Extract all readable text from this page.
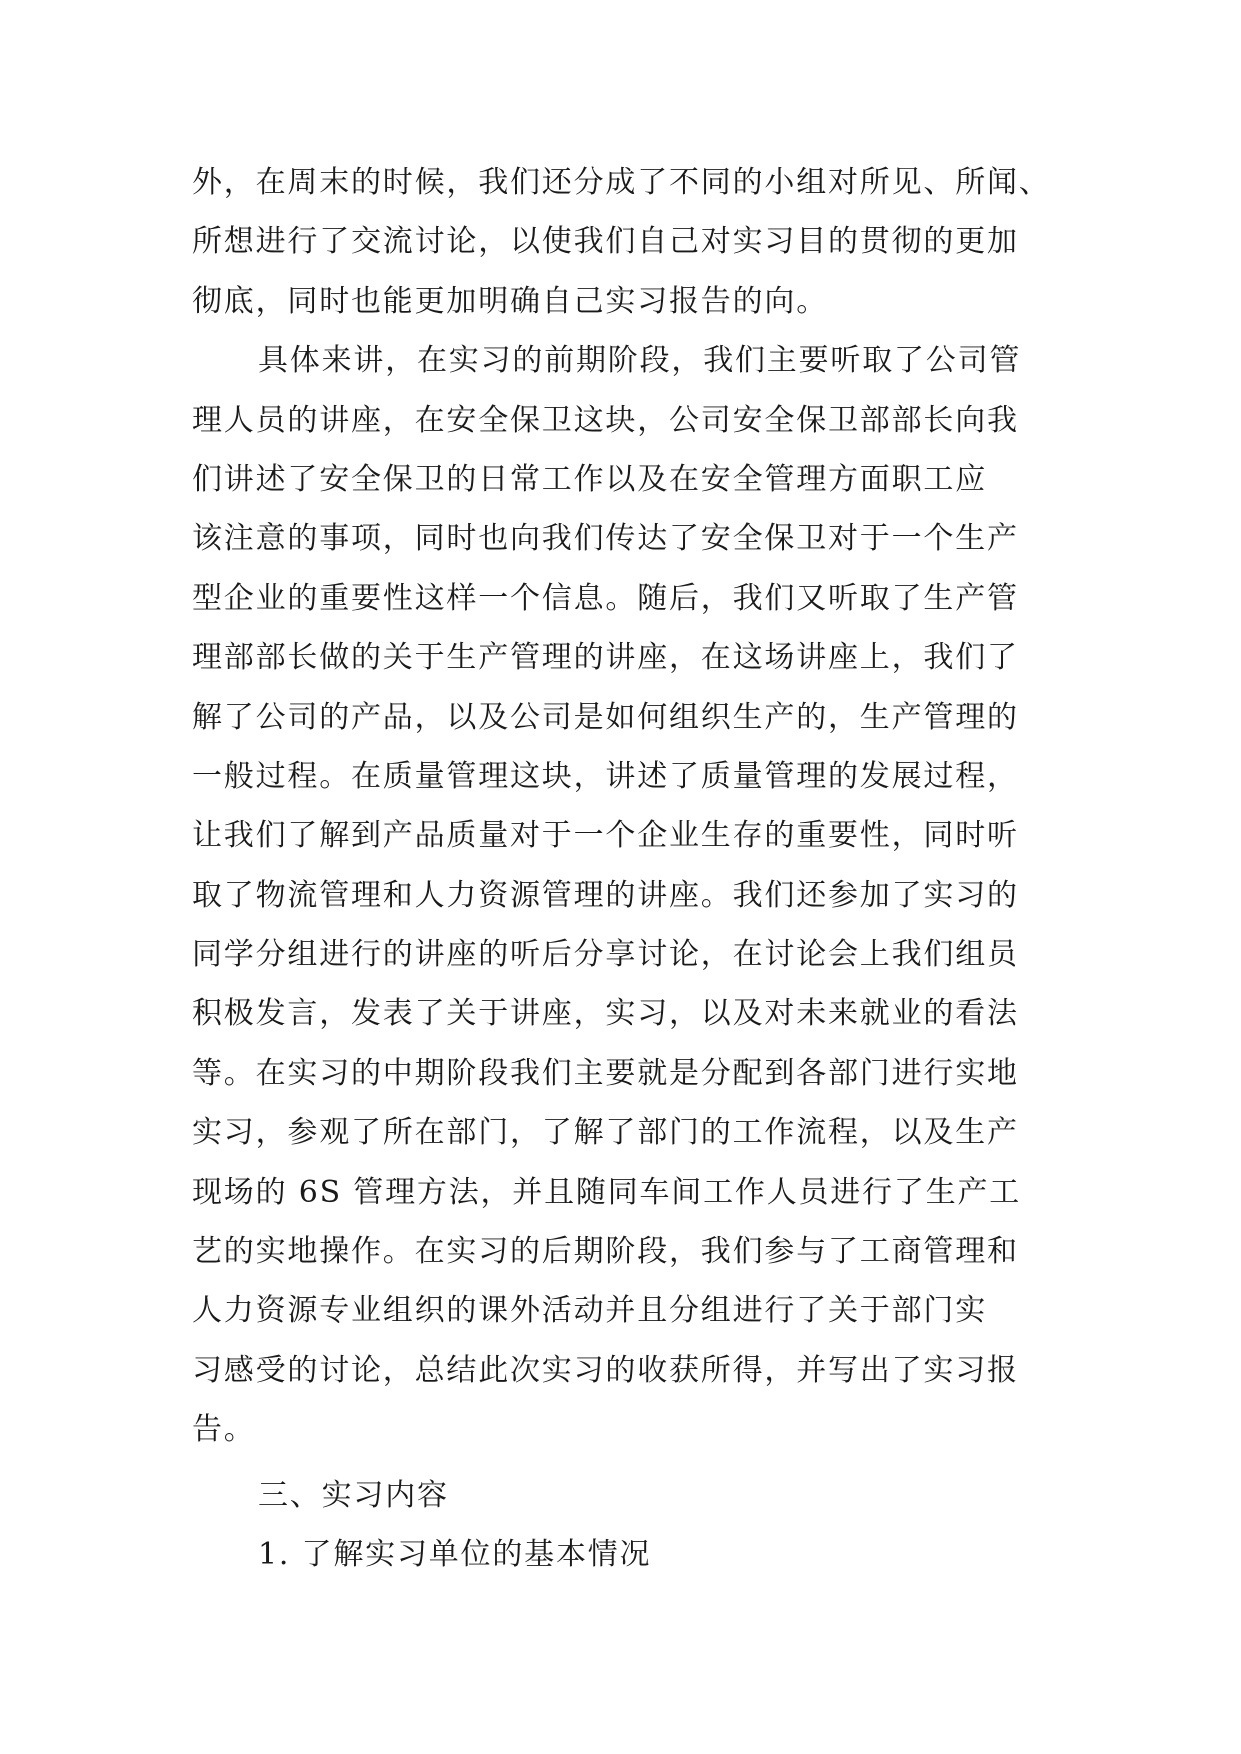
外，在周末的时候，我们还分成了不同的小组对所见、所闻、
所想进行了交流讨论，以使我们自己对实习目的贯彻的更加
彻底，同时也能更加明确自己实习报告的向。
具体来讲，在实习的前期阶段，我们主要听取了公司管
理人员的讲座，在安全保卫这块，公司安全保卫部部长向我
们讲述了安全保卫的日常工作以及在安全管理方面职工应
该注意的事项，同时也向我们传达了安全保卫对于一个生产
型企业的重要性这样一个信息。随后，我们又听取了生产管
理部部长做的关于生产管理的讲座，在这场讲座上，我们了
解了公司的产品，以及公司是如何组织生产的，生产管理的
一般过程。在质量管理这块，讲述了质量管理的发展过程，
让我们了解到产品质量对于一个企业生存的重要性，同时听
取了物流管理和人力资源管理的讲座。我们还参加了实习的
同学分组进行的讲座的听后分享讨论，在讨论会上我们组员
积极发言，发表了关于讲座，实习，以及对未来就业的看法
等。在实习的中期阶段我们主要就是分配到各部门进行实地
实习，参观了所在部门，了解了部门的工作流程，以及生产
现场的 6S 管理方法，并且随同车间工作人员进行了生产工
艺的实地操作。在实习的后期阶段，我们参与了工商管理和
人力资源专业组织的课外活动并且分组进行了关于部门实
习感受的讨论，总结此次实习的收获所得，并写出了实习报
告。
三、实习内容
1. 了解实习单位的基本情况
